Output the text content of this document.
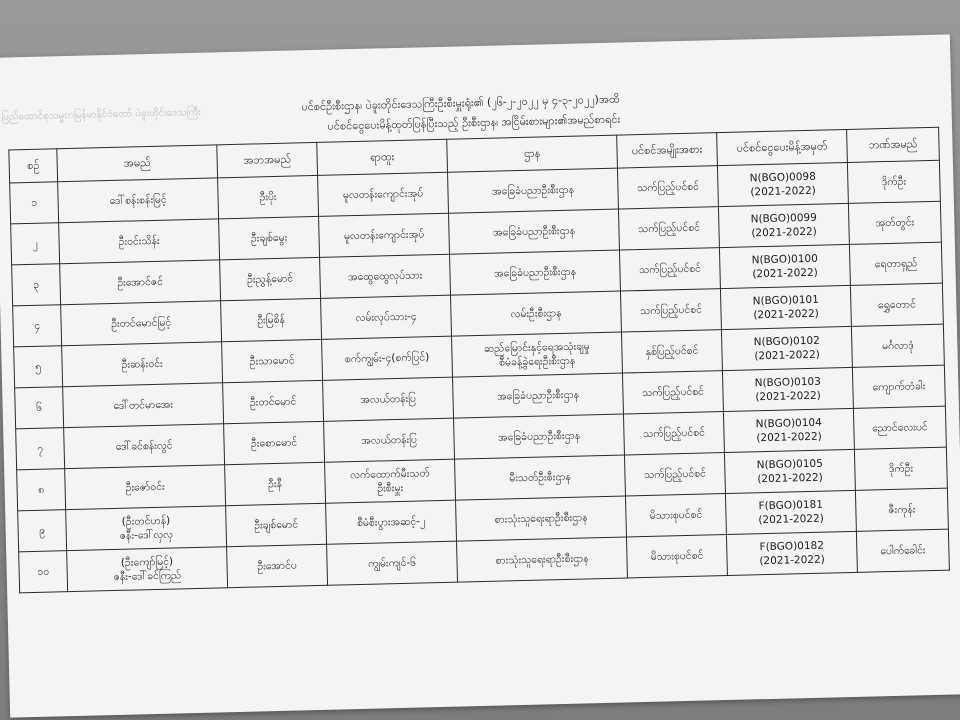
ပြည်ထောင်စုသမ္မတမြန်မာနိုင်ငံတော် ပဲခူးတိုင်းဒေသကြီး
ပင်စင်ဦးစီးဌာန၊ ပဲခူးတိုင်းဒေသကြီးဦးစီးမှူးရုံး၏ (၂၆-၂-၂၀၂၂ မှ ၄-၃-၂၀၂၂)အထိ
ပင်စင်ငွေပေးမိန့်ထုတ်ပြန်ပြီးသည့် ဦးစီးဌာန၊ အငြိမ်းစားများ၏အမည်စာရင်း
စဉ်	အမည်	အဘအမည်	ရာထူး	ဌာန	ပင်စင်အမျိုးအစား	ပင်စင်ငွေပေးမိန့်အမှတ်	ဘဏ်အမည်
၁	ဒေါ်စန်းစန်းမြင့်	ဦးပိုး	မူလတန်းကျောင်းအုပ်	အခြေခံပညာဦးစီးဌာန	သက်ပြည့်ပင်စင်	N(BGO)0098
(2021-2022)	ဒိုက်ဦး
၂	ဦးဝင်းသိန်း	ဦးချစ်မွေး	မူလတန်းကျောင်းအုပ်	အခြေခံပညာဦးစီးဌာန	သက်ပြည့်ပင်စင်	N(BGO)0099
(2021-2022)	အုတ်တွင်း
၃	ဦးအောင်ဇင်	ဦးညွန့်မောင်	အထွေထွေလုပ်သား	အခြေခံပညာဦးစီးဌာန	သက်ပြည့်ပင်စင်	N(BGO)0100
(2021-2022)	ရေတာရှည်
၄	ဦးတင်မောင်မြင့်	ဦးမြစိန်	လမ်းလုပ်သား-၄	လမ်းဦးစီးဌာန	သက်ပြည့်ပင်စင်	N(BGO)0101
(2021-2022)	ရွှေတောင်
၅	ဦးဆန်းဝင်း	ဦးသာမောင်	စက်ကျွမ်း-၄(စက်ပြင်)	ဆည်မြောင်းနှင့်ရေအသုံးချမှု
စီမံခန့်ခွဲရေးဦးစီးဌာန	နှစ်ပြည့်ပင်စင်	N(BGO)0102
(2021-2022)	မင်္ဂလာဒုံ
၆	ဒေါ်တင်မာအေး	ဦးတင်မောင်	အလယ်တန်းပြ	အခြေခံပညာဦးစီးဌာန	သက်ပြည့်ပင်စင်	N(BGO)0103
(2021-2022)	ကျောက်တံခါး
၇	ဒေါ်ခင်စန်းလွင်	ဦးစောမောင်	အလယ်တန်းပြ	အခြေခံပညာဦးစီးဌာန	သက်ပြည့်ပင်စင်	N(BGO)0104
(2021-2022)	ညောင်လေးပင်
၈	ဦးဇော်ဝင်း	ဦးနီ	လက်ထောက်မီးသတ်
ဦးစီးမှူး	မီးသတ်ဦးစီးဌာန	သက်ပြည့်ပင်စင်	N(BGO)0105
(2021-2022)	ဒိုက်ဦး
၉	(ဦးတင်ဟန်)
ဇနီး-ဒေါ်လှလှ	ဦးချစ်မောင်	စီမံစီးပွားအဆင့်-၂	စားသုံးသူရေးရာဦးစီးဌာန	မိသားစုပင်စင်	F(BGO)0181
(2021-2022)	ဇီးကုန်း
၁၀	(ဦးကျော်မြင့်)
ဇနီး-ဒေါ်ခင်ကြည်	ဦးအောင်ပ	ကျွမ်းကျင်-၆	စားသုံးသူရေးရာဦးစီးဌာန	မိသားစုပင်စင်	F(BGO)0182
(2021-2022)	ပေါက်ခေါင်း
